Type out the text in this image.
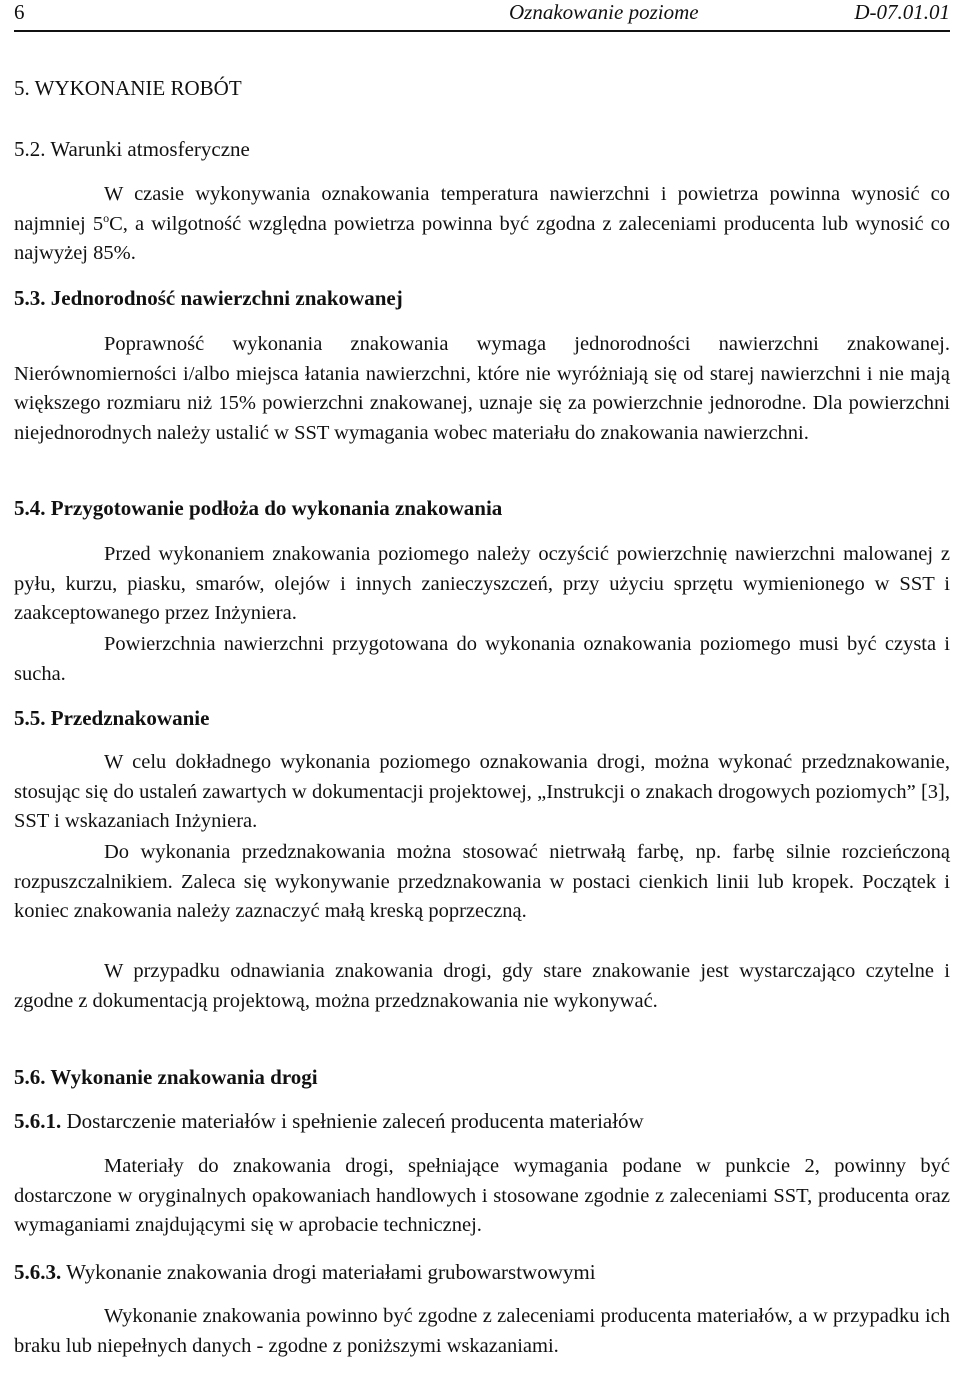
6	Oznakowanie poziome	D-07.01.01
5. WYKONANIE ROBÓT
5.2. Warunki atmosferyczne

W czasie wykonywania oznakowania temperatura nawierzchni i powietrza powinna wynosić co najmniej 5$^o$C, a wilgotność względna powietrza powinna być zgodna z zaleceniami producenta lub wynosić co najwyżej 85%.

5.3. Jednorodność nawierzchni znakowanej

Poprawność wykonania znakowania wymaga jednorodności nawierzchni znakowanej. Nierównomierności i/albo miejsca łatania nawierzchni, które nie wyróżniają się od starej nawierzchni i nie mają większego rozmiaru niż 15% powierzchni znakowanej, uznaje się za powierzchnie jednorodne. Dla powierzchni niejednorodnych należy ustalić w SST wymagania wobec materiału do znakowania nawierzchni.

5.4. Przygotowanie podłoża do wykonania znakowania

Przed wykonaniem znakowania poziomego należy oczyścić powierzchnię nawierzchni malowanej z pyłu, kurzu, piasku, smarów, olejów i innych zanieczyszczeń, przy użyciu sprzętu wymienionego w SST i zaakceptowanego przez Inżyniera.

Powierzchnia nawierzchni przygotowana do wykonania oznakowania poziomego musi być czysta i sucha.

5.5. Przedznakowanie

W celu dokładnego wykonania poziomego oznakowania drogi, można wykonać przedznakowanie, stosując się do ustaleń zawartych w dokumentacji projektowej, „Instrukcji o znakach drogowych poziomych” [3], SST i wskazaniach Inżyniera.

Do wykonania przedznakowania można stosować nietrwałą farbę, np. farbę silnie rozcieńczoną rozpuszczalnikiem. Zaleca się wykonywanie przedznakowania w postaci cienkich linii lub kropek. Początek i koniec znakowania należy zaznaczyć małą kreską poprzeczną.

W przypadku odnawiania znakowania drogi, gdy stare znakowanie jest wystarczająco czytelne i zgodne z dokumentacją projektową, można przedznakowania nie wykonywać.

5.6. Wykonanie znakowania drogi
5.6.1. Dostarczenie materiałów i spełnienie zaleceń producenta materiałów

Materiały do znakowania drogi, spełniające wymagania podane w punkcie 2, powinny być dostarczone w oryginalnych opakowaniach handlowych i stosowane zgodnie z zaleceniami SST, producenta oraz wymaganiami znajdującymi się w aprobacie technicznej.

5.6.3. Wykonanie znakowania drogi materiałami grubowarstwowymi

Wykonanie znakowania powinno być zgodne z zaleceniami producenta materiałów, a w przypadku ich braku lub niepełnych danych - zgodne z poniższymi wskazaniami.
